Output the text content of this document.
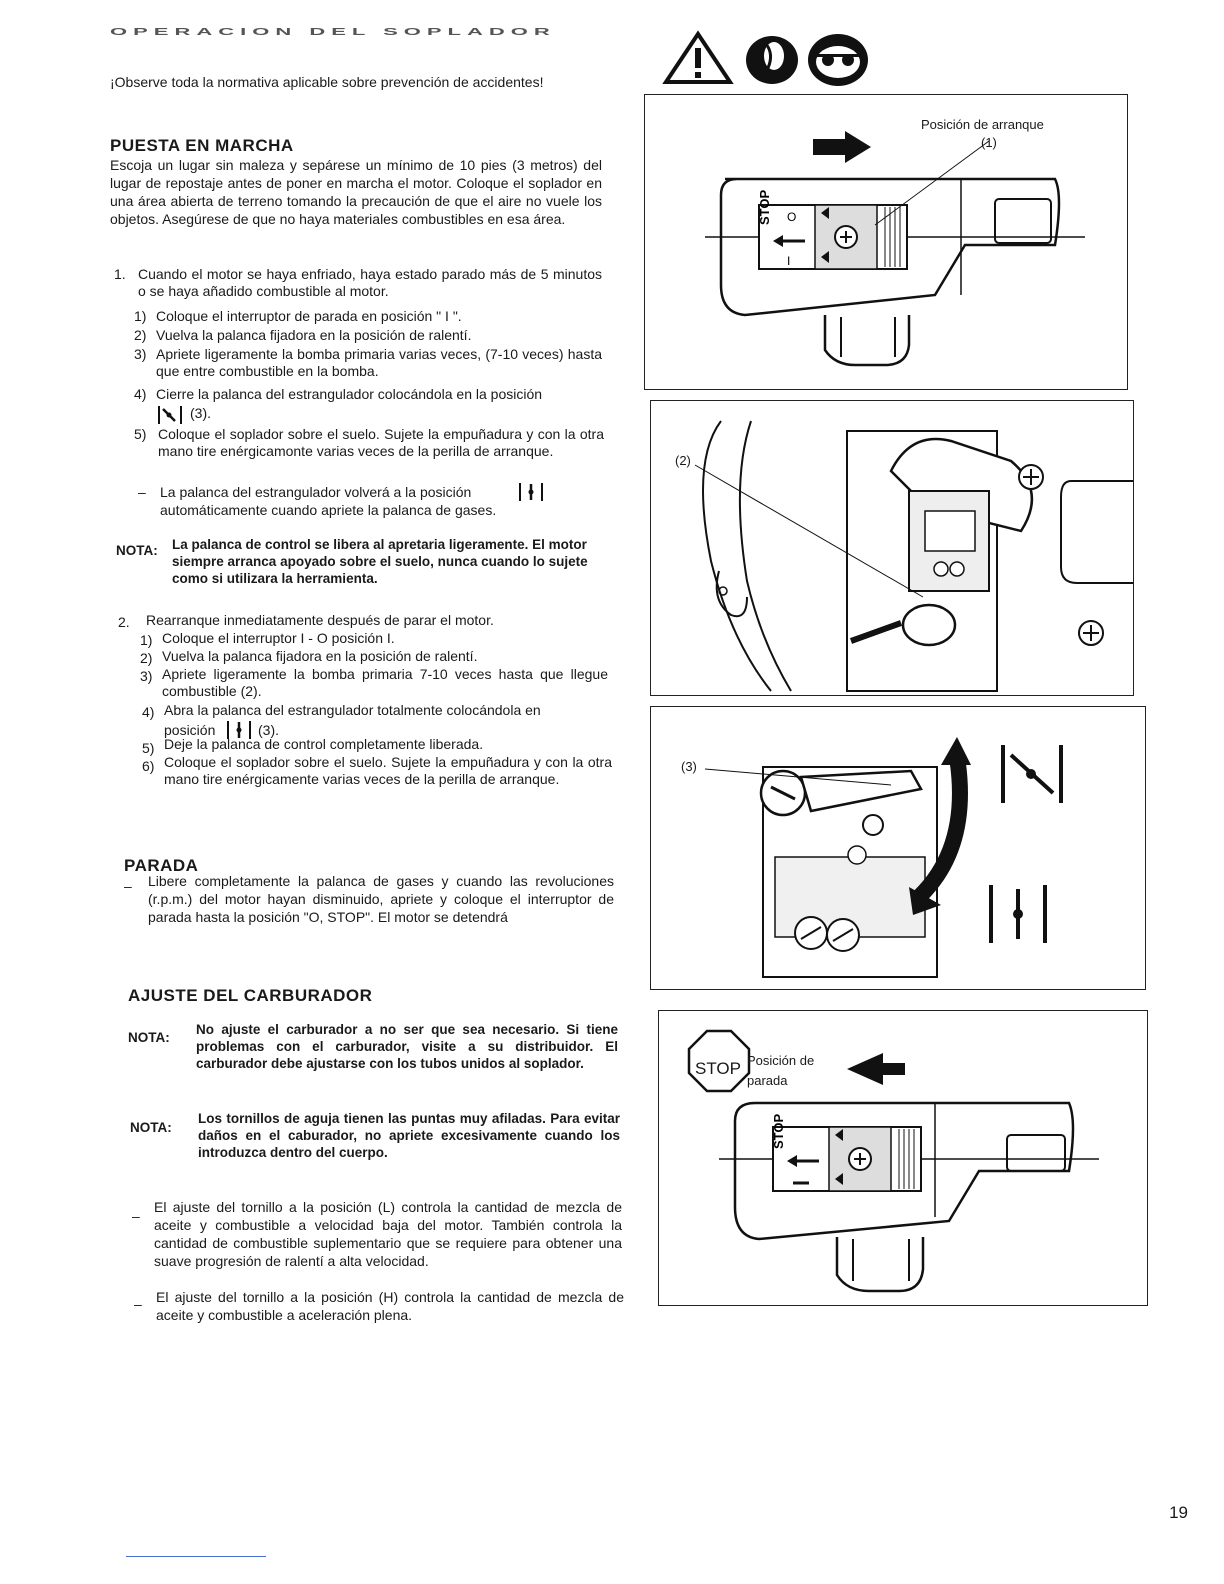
OPERACION DEL SOPLADOR
¡Observe toda la normativa aplicable sobre prevención de accidentes!
PUESTA EN MARCHA
Escoja un lugar sin maleza y sepárese un mínimo de 10 pies (3 metros) del lugar de repostaje antes de poner en marcha el motor. Coloque el soplador en una área abierta de terreno tomando la precaución de que el aire no vuele los objetos. Asegúrese de que no haya materiales combustibles en esa área.
1. Cuando el motor se haya enfriado, haya estado parado más de 5 minutos o se haya añadido combustible al motor.
1) Coloque el interruptor de parada en posición " I ".
2) Vuelva la palanca fijadora en la posición de ralentí.
3) Apriete ligeramente la bomba primaria varias veces, (7-10 veces) hasta que entre combustible en la bomba.
4) Cierre la palanca del estrangulador colocándola en la posición
(3).
5) Coloque el soplador sobre el suelo. Sujete la empuñadura y con la otra mano tire enérgicamonte varias veces de la perilla de arranque.
– La palanca del estrangulador volverá a la posición
automáticamente cuando apriete la palanca de gases.
NOTA: La palanca de control se libera al apretaria ligeramente. El motor siempre arranca apoyado sobre el suelo, nunca cuando lo sujete como si utilizara la herramienta.
2. Rearranque inmediatamente después de parar el motor.
1) Coloque el interruptor I - O posición I.
2) Vuelva la palanca fijadora en la posición de ralentí.
3) Apriete ligeramente la bomba primaria 7-10 veces hasta que llegue combustible (2).
4) Abra la palanca del estrangulador totalmente colocándola en
posición	(3).
5) Deje la palanca de control completamente liberada.
6) Coloque el soplador sobre el suelo. Sujete la empuñadura y con la otra mano tire enérgicamente varias veces de la perilla de arranque.
PARADA
– Libere completamente la palanca de gases y cuando las revoluciones (r.p.m.) del motor hayan disminuido, apriete y coloque el interruptor de parada hasta la posición "O, STOP". El motor se detendrá
AJUSTE DEL CARBURADOR
NOTA:
No ajuste el carburador a no ser que sea necesario. Si tiene problemas con el carburador, visite a su distribuidor. El carburador debe ajustarse con los tubos unidos al soplador.
NOTA:
Los tornillos de aguja tienen las puntas muy afiladas. Para evitar daños en el caburador, no apriete excesivamente cuando los introduzca dentro del cuerpo.
–
El ajuste del tornillo a la posición (L) controla la cantidad de mezcla de aceite y combustible a velocidad baja del motor. También controla la cantidad de combustible suplementario que se requiere para obtener una suave progresión de ralentí a alta velocidad.
– El ajuste del tornillo a la posición (H) controla la cantidad de mezcla de aceite y combustible a aceleración plena.
STOP O
I
Posición de arranque
(1)
(2)
(3)
STOP
STOP Posición de
parada
19
